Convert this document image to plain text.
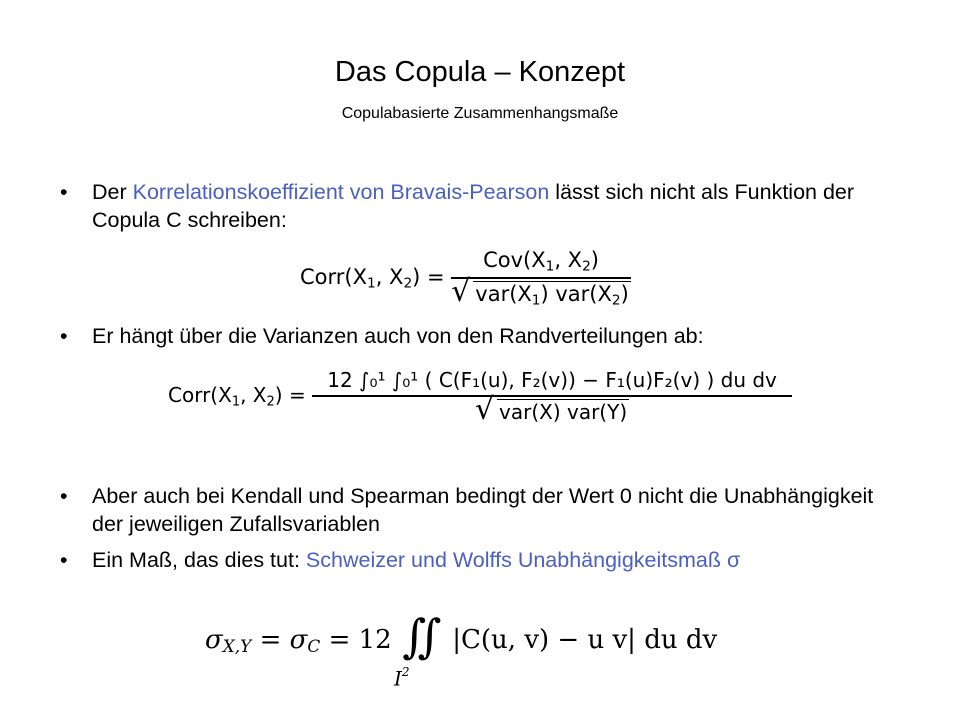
Das Copula – Konzept
Copulabasierte Zusammenhangsmaße
• Der Korrelationskoeffizient von Bravais-Pearson lässt sich nicht als Funktion der Copula C schreiben:
$Corr(X_1$, $X_2) = \frac{Cov(X_1, X_2)}{√ var(X_1) var(X_2)}$
• Er hängt über die Varianzen auch von den Randverteilungen ab:
$Corr(X_1$, $X_2) = \frac{\text{12 ∫₀¹ ∫₀¹ ( C(F₁(u), F₂(v)) − F₁(u)F₂(v) ) du dv}}{\text{√ var(X) var(Y)}}$
• Aber auch bei Kendall und Spearman bedingt der Wert 0 nicht die Unabhängigkeit der jeweiligen Zufallsvariablen
• Ein Maß, das dies tut: Schweizer und Wolffs Unabhängigkeitsmaß σ
$\sigma_{X,Y} = \sigma_C = 12$ ∬
$I^2$
|C(u, v) − u v| du dv
